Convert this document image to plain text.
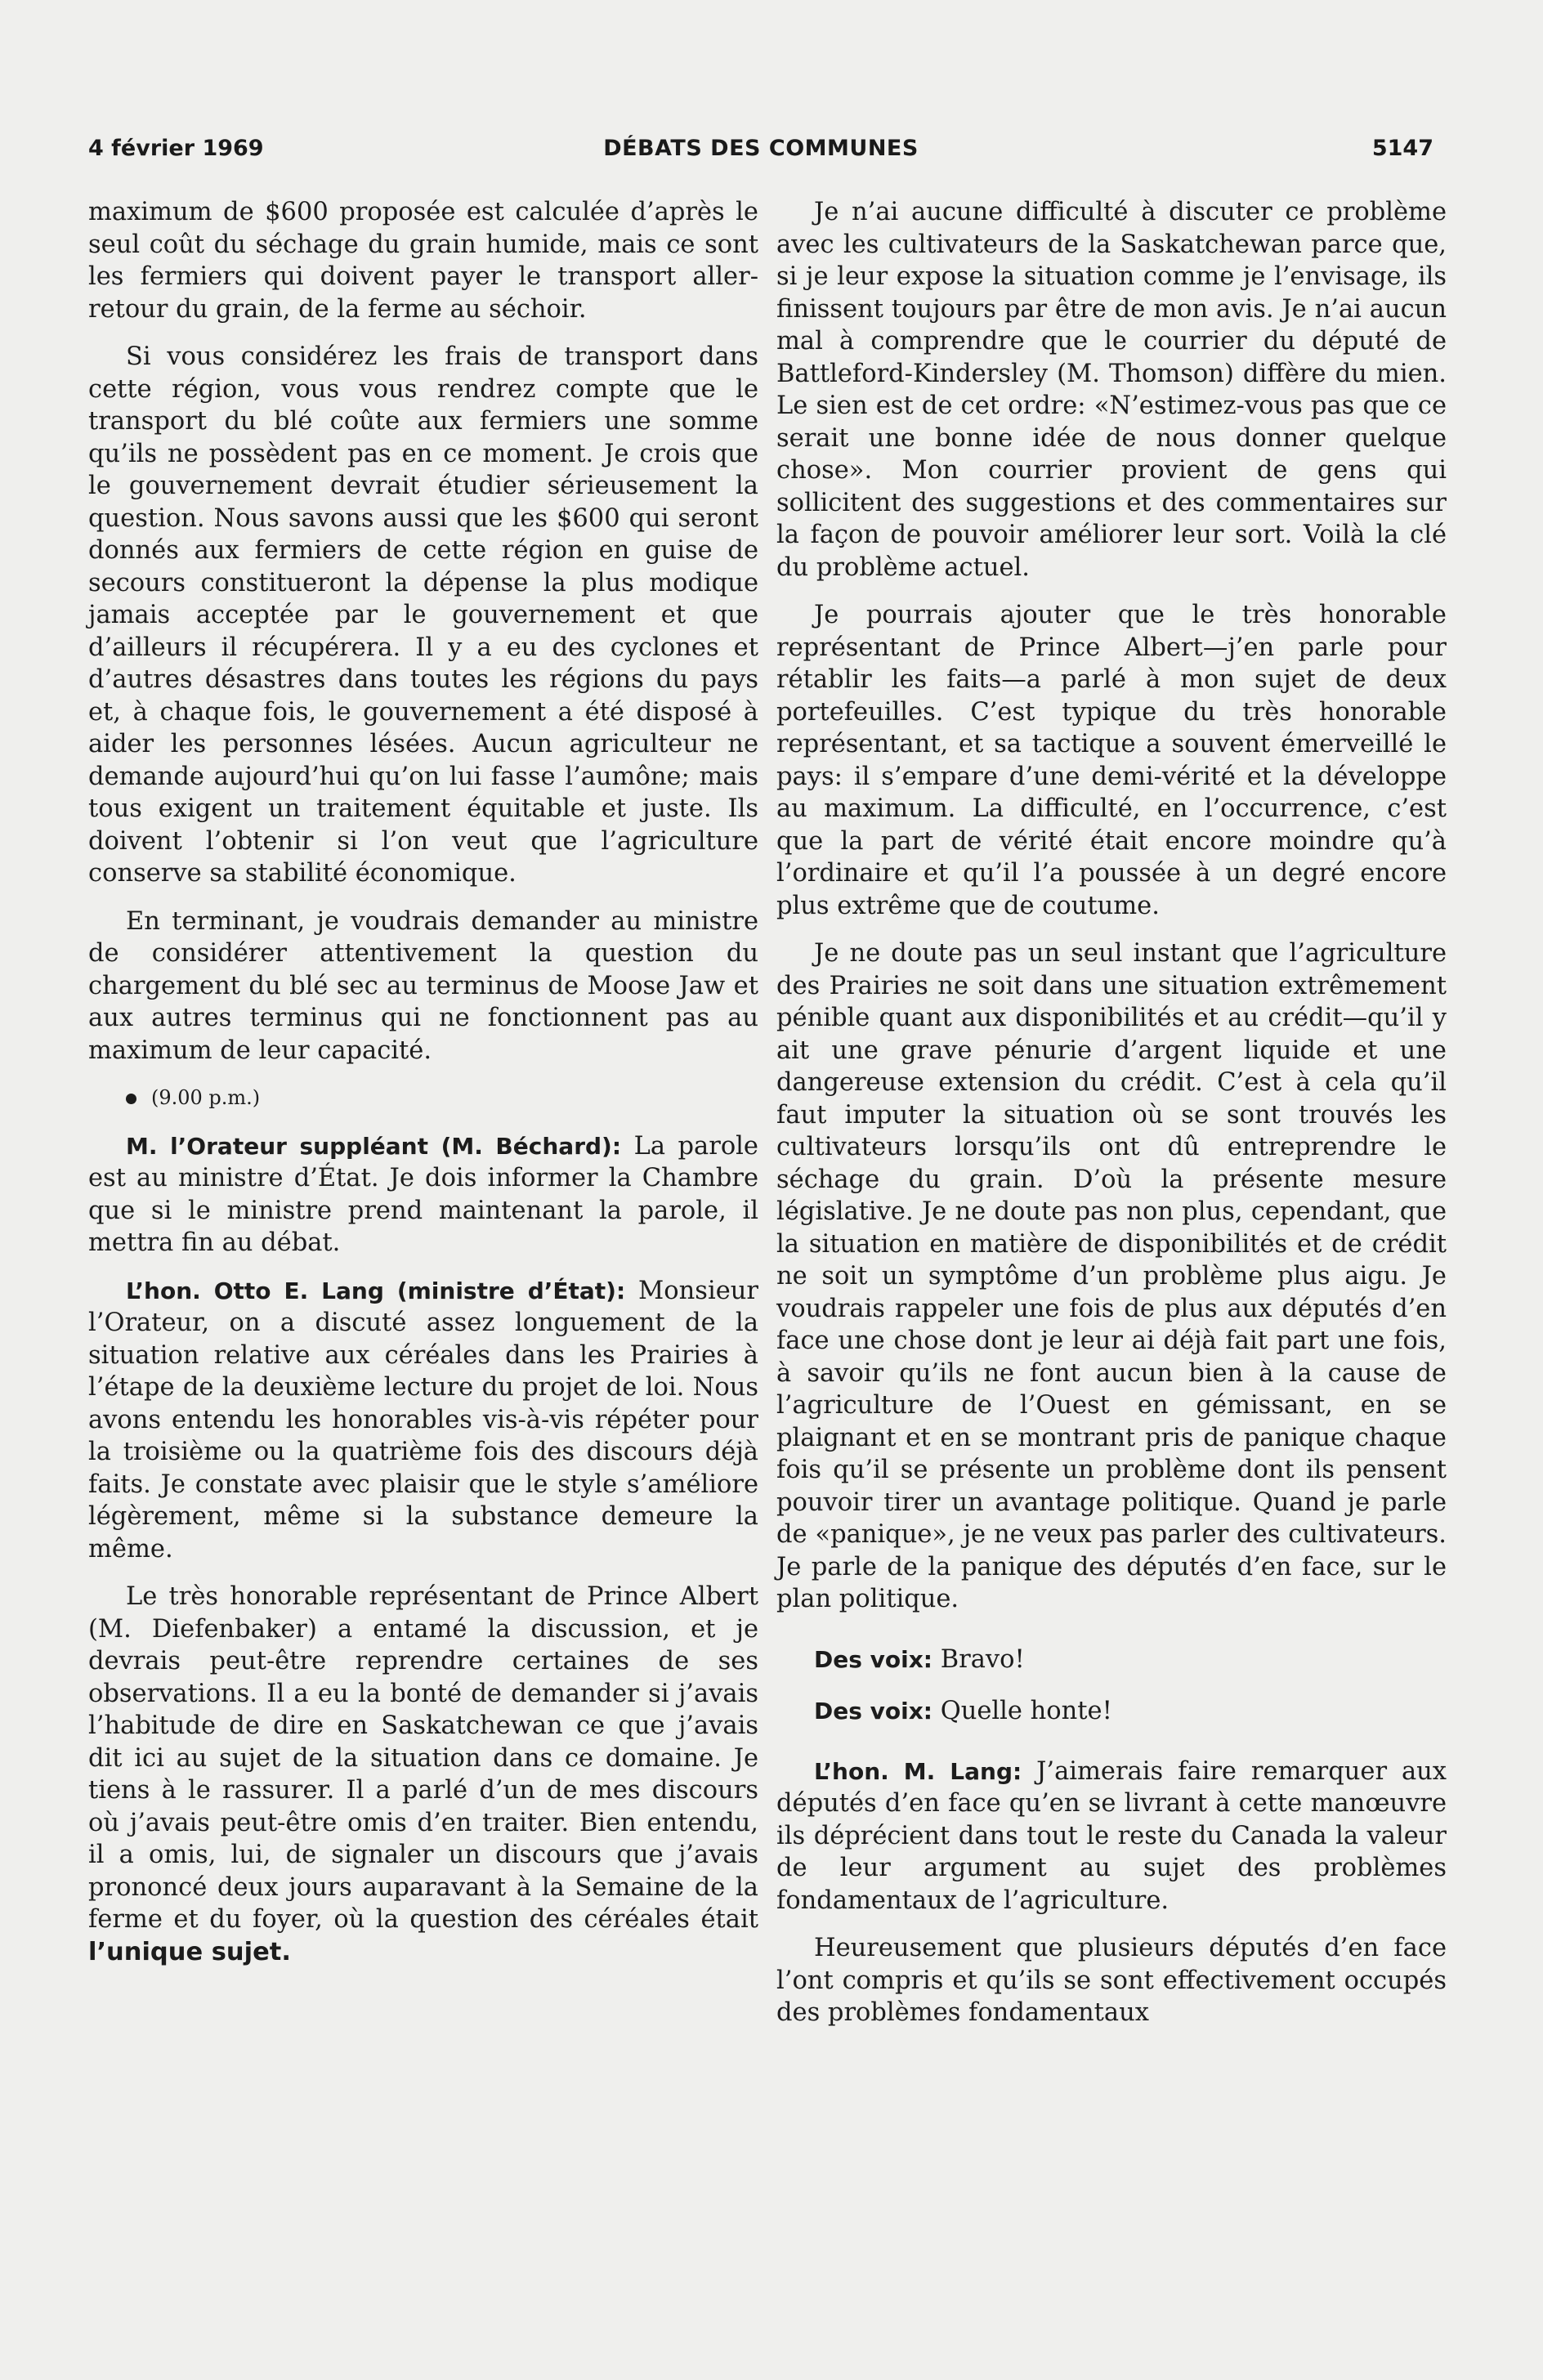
4 février 1969	DÉBATS DES COMMUNES	5147

maximum de $600 proposée est calculée d’après le seul coût du séchage du grain humide, mais ce sont les fermiers qui doivent payer le transport aller-retour du grain, de la ferme au séchoir.

Si vous considérez les frais de transport dans cette région, vous vous rendrez compte que le transport du blé coûte aux fermiers une somme qu’ils ne possèdent pas en ce moment. Je crois que le gouvernement devrait étudier sérieusement la question. Nous savons aussi que les $600 qui seront donnés aux fermiers de cette région en guise de secours constitueront la dépense la plus modique jamais acceptée par le gouvernement et que d’ailleurs il récupérera. Il y a eu des cyclones et d’autres désastres dans toutes les régions du pays et, à chaque fois, le gouvernement a été disposé à aider les personnes lésées. Aucun agriculteur ne demande aujourd’hui qu’on lui fasse l’aumône; mais tous exigent un traitement équitable et juste. Ils doivent l’obtenir si l’on veut que l’agriculture conserve sa stabilité économique.

En terminant, je voudrais demander au ministre de considérer attentivement la question du chargement du blé sec au terminus de Moose Jaw et aux autres terminus qui ne fonctionnent pas au maximum de leur capacité.

(9.00 p.m.)

M. l’Orateur suppléant (M. Béchard): La parole est au ministre d’État. Je dois informer la Chambre que si le ministre prend maintenant la parole, il mettra fin au débat.

L’hon. Otto E. Lang (ministre d’État): Monsieur l’Orateur, on a discuté assez longuement de la situation relative aux céréales dans les Prairies à l’étape de la deuxième lecture du projet de loi. Nous avons entendu les honorables vis-à-vis répéter pour la troisième ou la quatrième fois des discours déjà faits. Je constate avec plaisir que le style s’améliore légèrement, même si la substance demeure la même.

Le très honorable représentant de Prince Albert (M. Diefenbaker) a entamé la discussion, et je devrais peut-être reprendre certaines de ses observations. Il a eu la bonté de demander si j’avais l’habitude de dire en Saskatchewan ce que j’avais dit ici au sujet de la situation dans ce domaine. Je tiens à le rassurer. Il a parlé d’un de mes discours où j’avais peut-être omis d’en traiter. Bien entendu, il a omis, lui, de signaler un discours que j’avais prononcé deux jours auparavant à la Semaine de la ferme et du foyer, où la question des céréales était l’unique sujet.

Je n’ai aucune difficulté à discuter ce problème avec les cultivateurs de la Saskatchewan parce que, si je leur expose la situation comme je l’envisage, ils finissent toujours par être de mon avis. Je n’ai aucun mal à comprendre que le courrier du député de Battleford-Kindersley (M. Thomson) diffère du mien. Le sien est de cet ordre: «N’estimez-vous pas que ce serait une bonne idée de nous donner quelque chose». Mon courrier provient de gens qui sollicitent des suggestions et des commentaires sur la façon de pouvoir améliorer leur sort. Voilà la clé du problème actuel.

Je pourrais ajouter que le très honorable représentant de Prince Albert—j’en parle pour rétablir les faits—a parlé à mon sujet de deux portefeuilles. C’est typique du très honorable représentant, et sa tactique a souvent émerveillé le pays: il s’empare d’une demi-vérité et la développe au maximum. La difficulté, en l’occurrence, c’est que la part de vérité était encore moindre qu’à l’ordinaire et qu’il l’a poussée à un degré encore plus extrême que de coutume.

Je ne doute pas un seul instant que l’agriculture des Prairies ne soit dans une situation extrêmement pénible quant aux disponibilités et au crédit—qu’il y ait une grave pénurie d’argent liquide et une dangereuse extension du crédit. C’est à cela qu’il faut imputer la situation où se sont trouvés les cultivateurs lorsqu’ils ont dû entreprendre le séchage du grain. D’où la présente mesure législative. Je ne doute pas non plus, cependant, que la situation en matière de disponibilités et de crédit ne soit un symptôme d’un problème plus aigu. Je voudrais rappeler une fois de plus aux députés d’en face une chose dont je leur ai déjà fait part une fois, à savoir qu’ils ne font aucun bien à la cause de l’agriculture de l’Ouest en gémissant, en se plaignant et en se montrant pris de panique chaque fois qu’il se présente un problème dont ils pensent pouvoir tirer un avantage politique. Quand je parle de «panique», je ne veux pas parler des cultivateurs. Je parle de la panique des députés d’en face, sur le plan politique.

Des voix: Bravo!

Des voix: Quelle honte!

L’hon. M. Lang: J’aimerais faire remarquer aux députés d’en face qu’en se livrant à cette manœuvre ils déprécient dans tout le reste du Canada la valeur de leur argument au sujet des problèmes fondamentaux de l’agriculture.

Heureusement que plusieurs députés d’en face l’ont compris et qu’ils se sont effectivement occupés des problèmes fondamentaux
